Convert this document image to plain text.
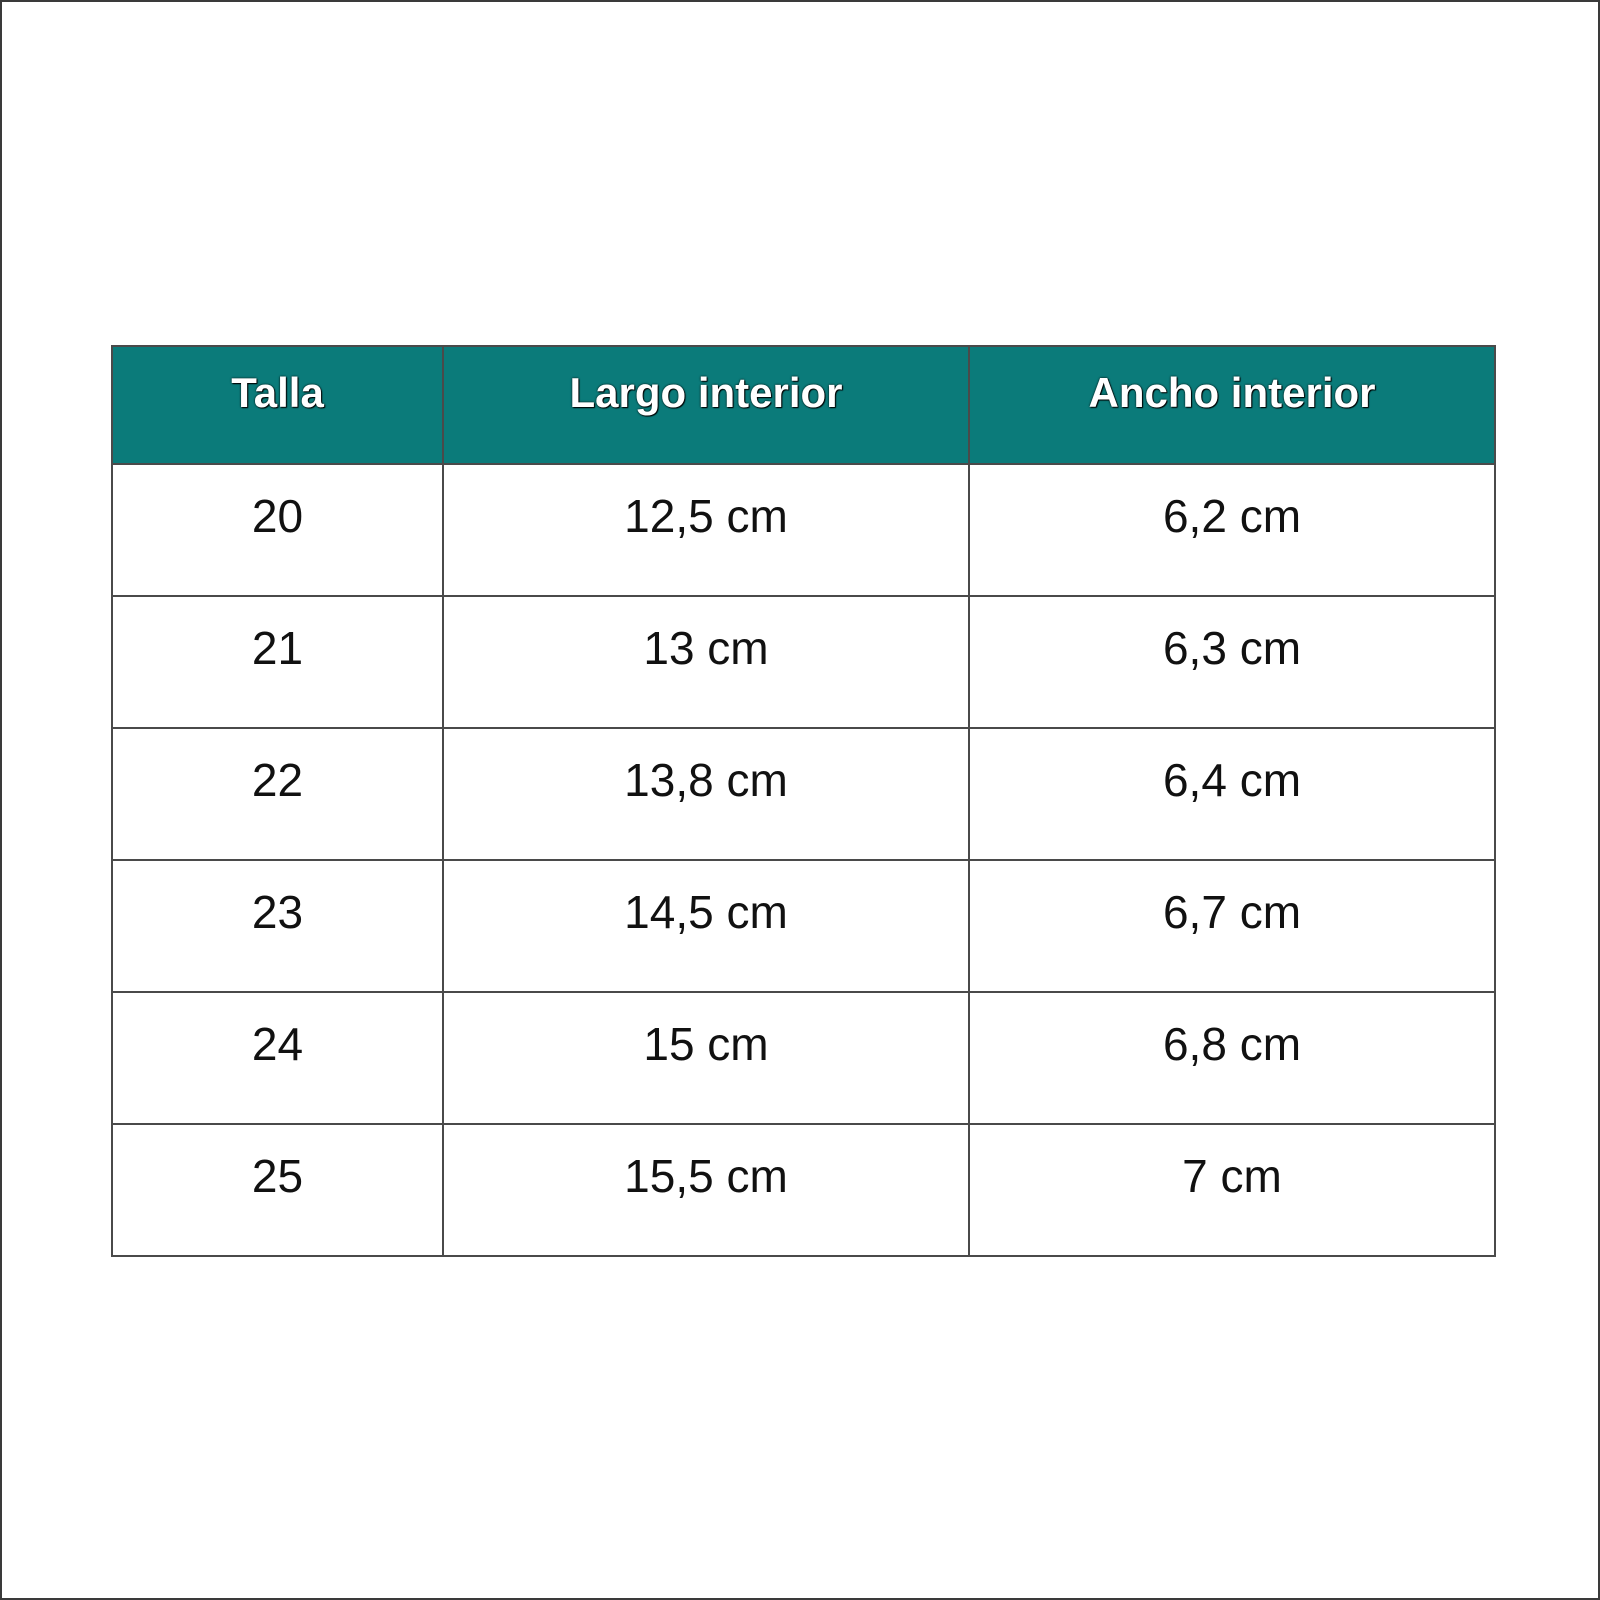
Talla	Largo interior	Ancho interior
20	12,5 cm	6,2 cm
21	13 cm	6,3 cm
22	13,8 cm	6,4 cm
23	14,5 cm	6,7 cm
24	15 cm	6,8 cm
25	15,5 cm	7 cm
